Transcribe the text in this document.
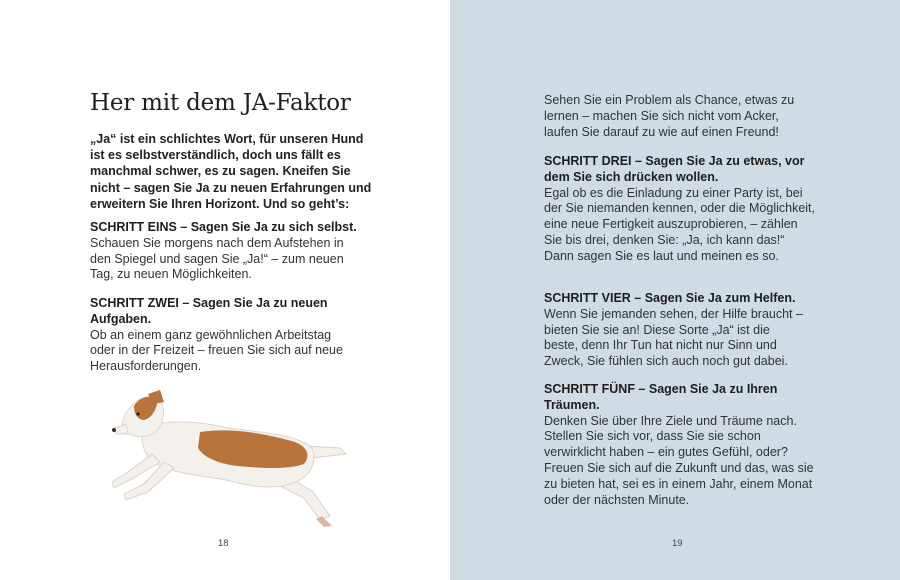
Her mit dem JA-Faktor
„Ja“ ist ein schlichtes Wort, für unseren Hund ist es selbstverständlich, doch uns fällt es manchmal schwer, es zu sagen. Kneifen Sie nicht – sagen Sie Ja zu neuen Erfahrungen und erweitern Sie Ihren Horizont. Und so geht’s:
SCHRITT EINS – Sagen Sie Ja zu sich selbst.
Schauen Sie morgens nach dem Aufstehen in den Spiegel und sagen Sie „Ja!“ – zum neuen Tag, zu neuen Möglichkeiten.
SCHRITT ZWEI – Sagen Sie Ja zu neuen Aufgaben.
Ob an einem ganz gewöhnlichen Arbeitstag oder in der Freizeit – freuen Sie sich auf neue Herausforderungen.
18
Sehen Sie ein Problem als Chance, etwas zu lernen – machen Sie sich nicht vom Acker, laufen Sie darauf zu wie auf einen Freund!
SCHRITT DREI – Sagen Sie Ja zu etwas, vor dem Sie sich drücken wollen.
Egal ob es die Einladung zu einer Party ist, bei der Sie niemanden kennen, oder die Möglichkeit, eine neue Fertigkeit auszuprobieren, – zählen Sie bis drei, denken Sie: „Ja, ich kann das!“ Dann sagen Sie es laut und meinen es so.
SCHRITT VIER – Sagen Sie Ja zum Helfen.
Wenn Sie jemanden sehen, der Hilfe braucht – bieten Sie sie an! Diese Sorte „Ja“ ist die beste, denn Ihr Tun hat nicht nur Sinn und Zweck, Sie fühlen sich auch noch gut dabei.
SCHRITT FÜNF – Sagen Sie Ja zu Ihren Träumen.
Denken Sie über Ihre Ziele und Träume nach. Stellen Sie sich vor, dass Sie sie schon verwirklicht haben – ein gutes Gefühl, oder? Freuen Sie sich auf die Zukunft und das, was sie zu bieten hat, sei es in einem Jahr, einem Monat oder der nächsten Minute.
19
